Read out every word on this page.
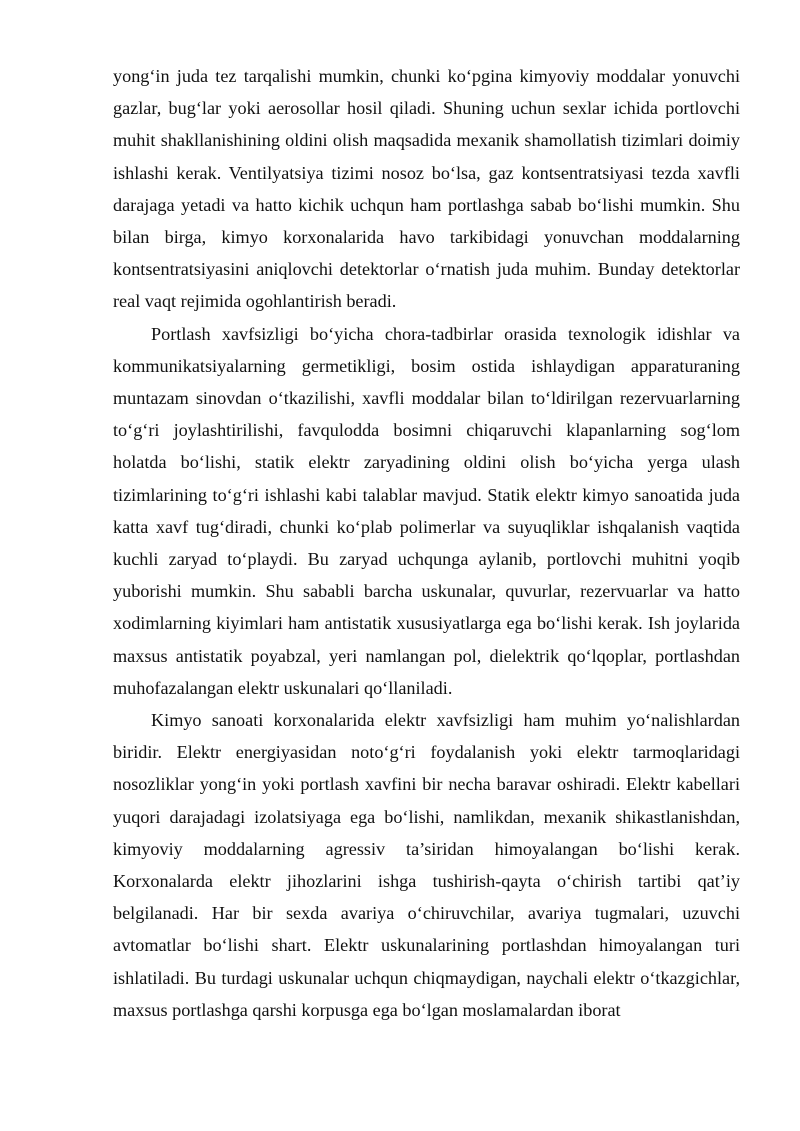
yong‘in juda tez tarqalishi mumkin, chunki ko‘pgina kimyoviy moddalar yonuvchi gazlar, bug‘lar yoki aerosollar hosil qiladi. Shuning uchun sexlar ichida portlovchi muhit shakllanishining oldini olish maqsadida mexanik shamollatish tizimlari doimiy ishlashi kerak. Ventilyatsiya tizimi nosoz bo‘lsa, gaz kontsentratsiyasi tezda xavfli darajaga yetadi va hatto kichik uchqun ham portlashga sabab bo‘lishi mumkin. Shu bilan birga, kimyo korxonalarida havo tarkibidagi yonuvchan moddalarning kontsentratsiyasini aniqlovchi detektorlar o‘rnatish juda muhim. Bunday detektorlar real vaqt rejimida ogohlantirish beradi.

Portlash xavfsizligi bo‘yicha chora-tadbirlar orasida texnologik idishlar va kommunikatsiyalarning germetikligi, bosim ostida ishlaydigan apparaturaning muntazam sinovdan o‘tkazilishi, xavfli moddalar bilan to‘ldirilgan rezervuarlarning to‘g‘ri joylashtirilishi, favqulodda bosimni chiqaruvchi klapanlarning sog‘lom holatda bo‘lishi, statik elektr zaryadining oldini olish bo‘yicha yerga ulash tizimlarining to‘g‘ri ishlashi kabi talablar mavjud. Statik elektr kimyo sanoatida juda katta xavf tug‘diradi, chunki ko‘plab polimerlar va suyuqliklar ishqalanish vaqtida kuchli zaryad to‘playdi. Bu zaryad uchqunga aylanib, portlovchi muhitni yoqib yuborishi mumkin. Shu sababli barcha uskunalar, quvurlar, rezervuarlar va hatto xodimlarning kiyimlari ham antistatik xususiyatlarga ega bo‘lishi kerak. Ish joylarida maxsus antistatik poyabzal, yeri namlangan pol, dielektrik qo‘lqoplar, portlashdan muhofazalangan elektr uskunalari qo‘llaniladi.

Kimyo sanoati korxonalarida elektr xavfsizligi ham muhim yo‘nalishlardan biridir. Elektr energiyasidan noto‘g‘ri foydalanish yoki elektr tarmoqlaridagi nosozliklar yong‘in yoki portlash xavfini bir necha baravar oshiradi. Elektr kabellari yuqori darajadagi izolatsiyaga ega bo‘lishi, namlikdan, mexanik shikastlanishdan, kimyoviy moddalarning agressiv ta’siridan himoyalangan bo‘lishi kerak. Korxonalarda elektr jihozlarini ishga tushirish-qayta o‘chirish tartibi qat’iy belgilanadi. Har bir sexda avariya o‘chiruvchilar, avariya tugmalari, uzuvchi avtomatlar bo‘lishi shart. Elektr uskunalarining portlashdan himoyalangan turi ishlatiladi. Bu turdagi uskunalar uchqun chiqmaydigan, naychali elektr o‘tkazgichlar, maxsus portlashga qarshi korpusga ega bo‘lgan moslamalardan iborat
